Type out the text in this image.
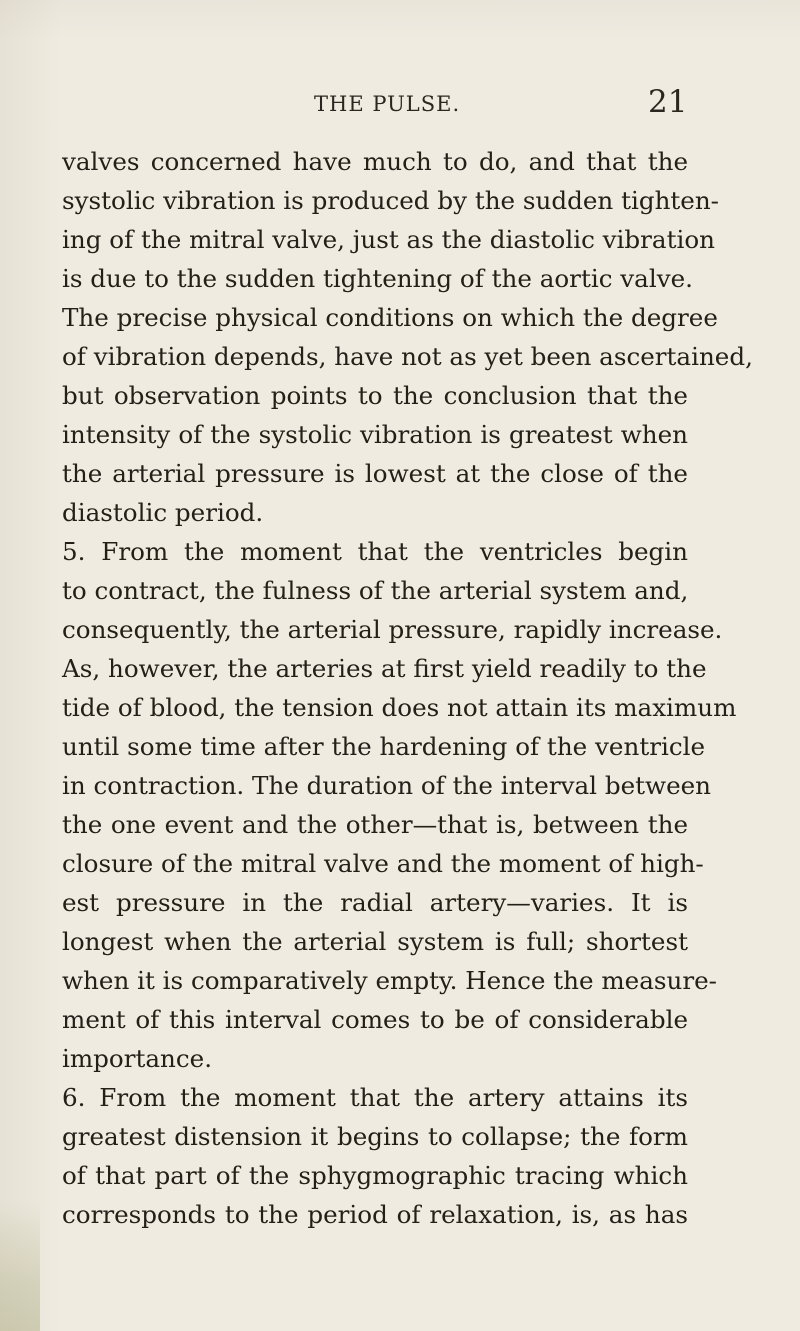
THE PULSE.	21
valves concerned have much to do, and that the
systolic vibration is produced by the sudden tighten-
ing of the mitral valve, just as the diastolic vibration
is due to the sudden tightening of the aortic valve.
The precise physical conditions on which the degree
of vibration depends, have not as yet been ascertained,
but observation points to the conclusion that the
intensity of the systolic vibration is greatest when
the arterial pressure is lowest at the close of the
diastolic period.
5. From the moment that the ventricles begin
to contract, the fulness of the arterial system and,
consequently, the arterial pressure, rapidly increase.
As, however, the arteries at first yield readily to the
tide of blood, the tension does not attain its maximum
until some time after the hardening of the ventricle
in contraction. The duration of the interval between
the one event and the other—that is, between the
closure of the mitral valve and the moment of high-
est pressure in the radial artery—varies. It is
longest when the arterial system is full; shortest
when it is comparatively empty. Hence the measure-
ment of this interval comes to be of considerable
importance.
6. From the moment that the artery attains its
greatest distension it begins to collapse; the form
of that part of the sphygmographic tracing which
corresponds to the period of relaxation, is, as has
